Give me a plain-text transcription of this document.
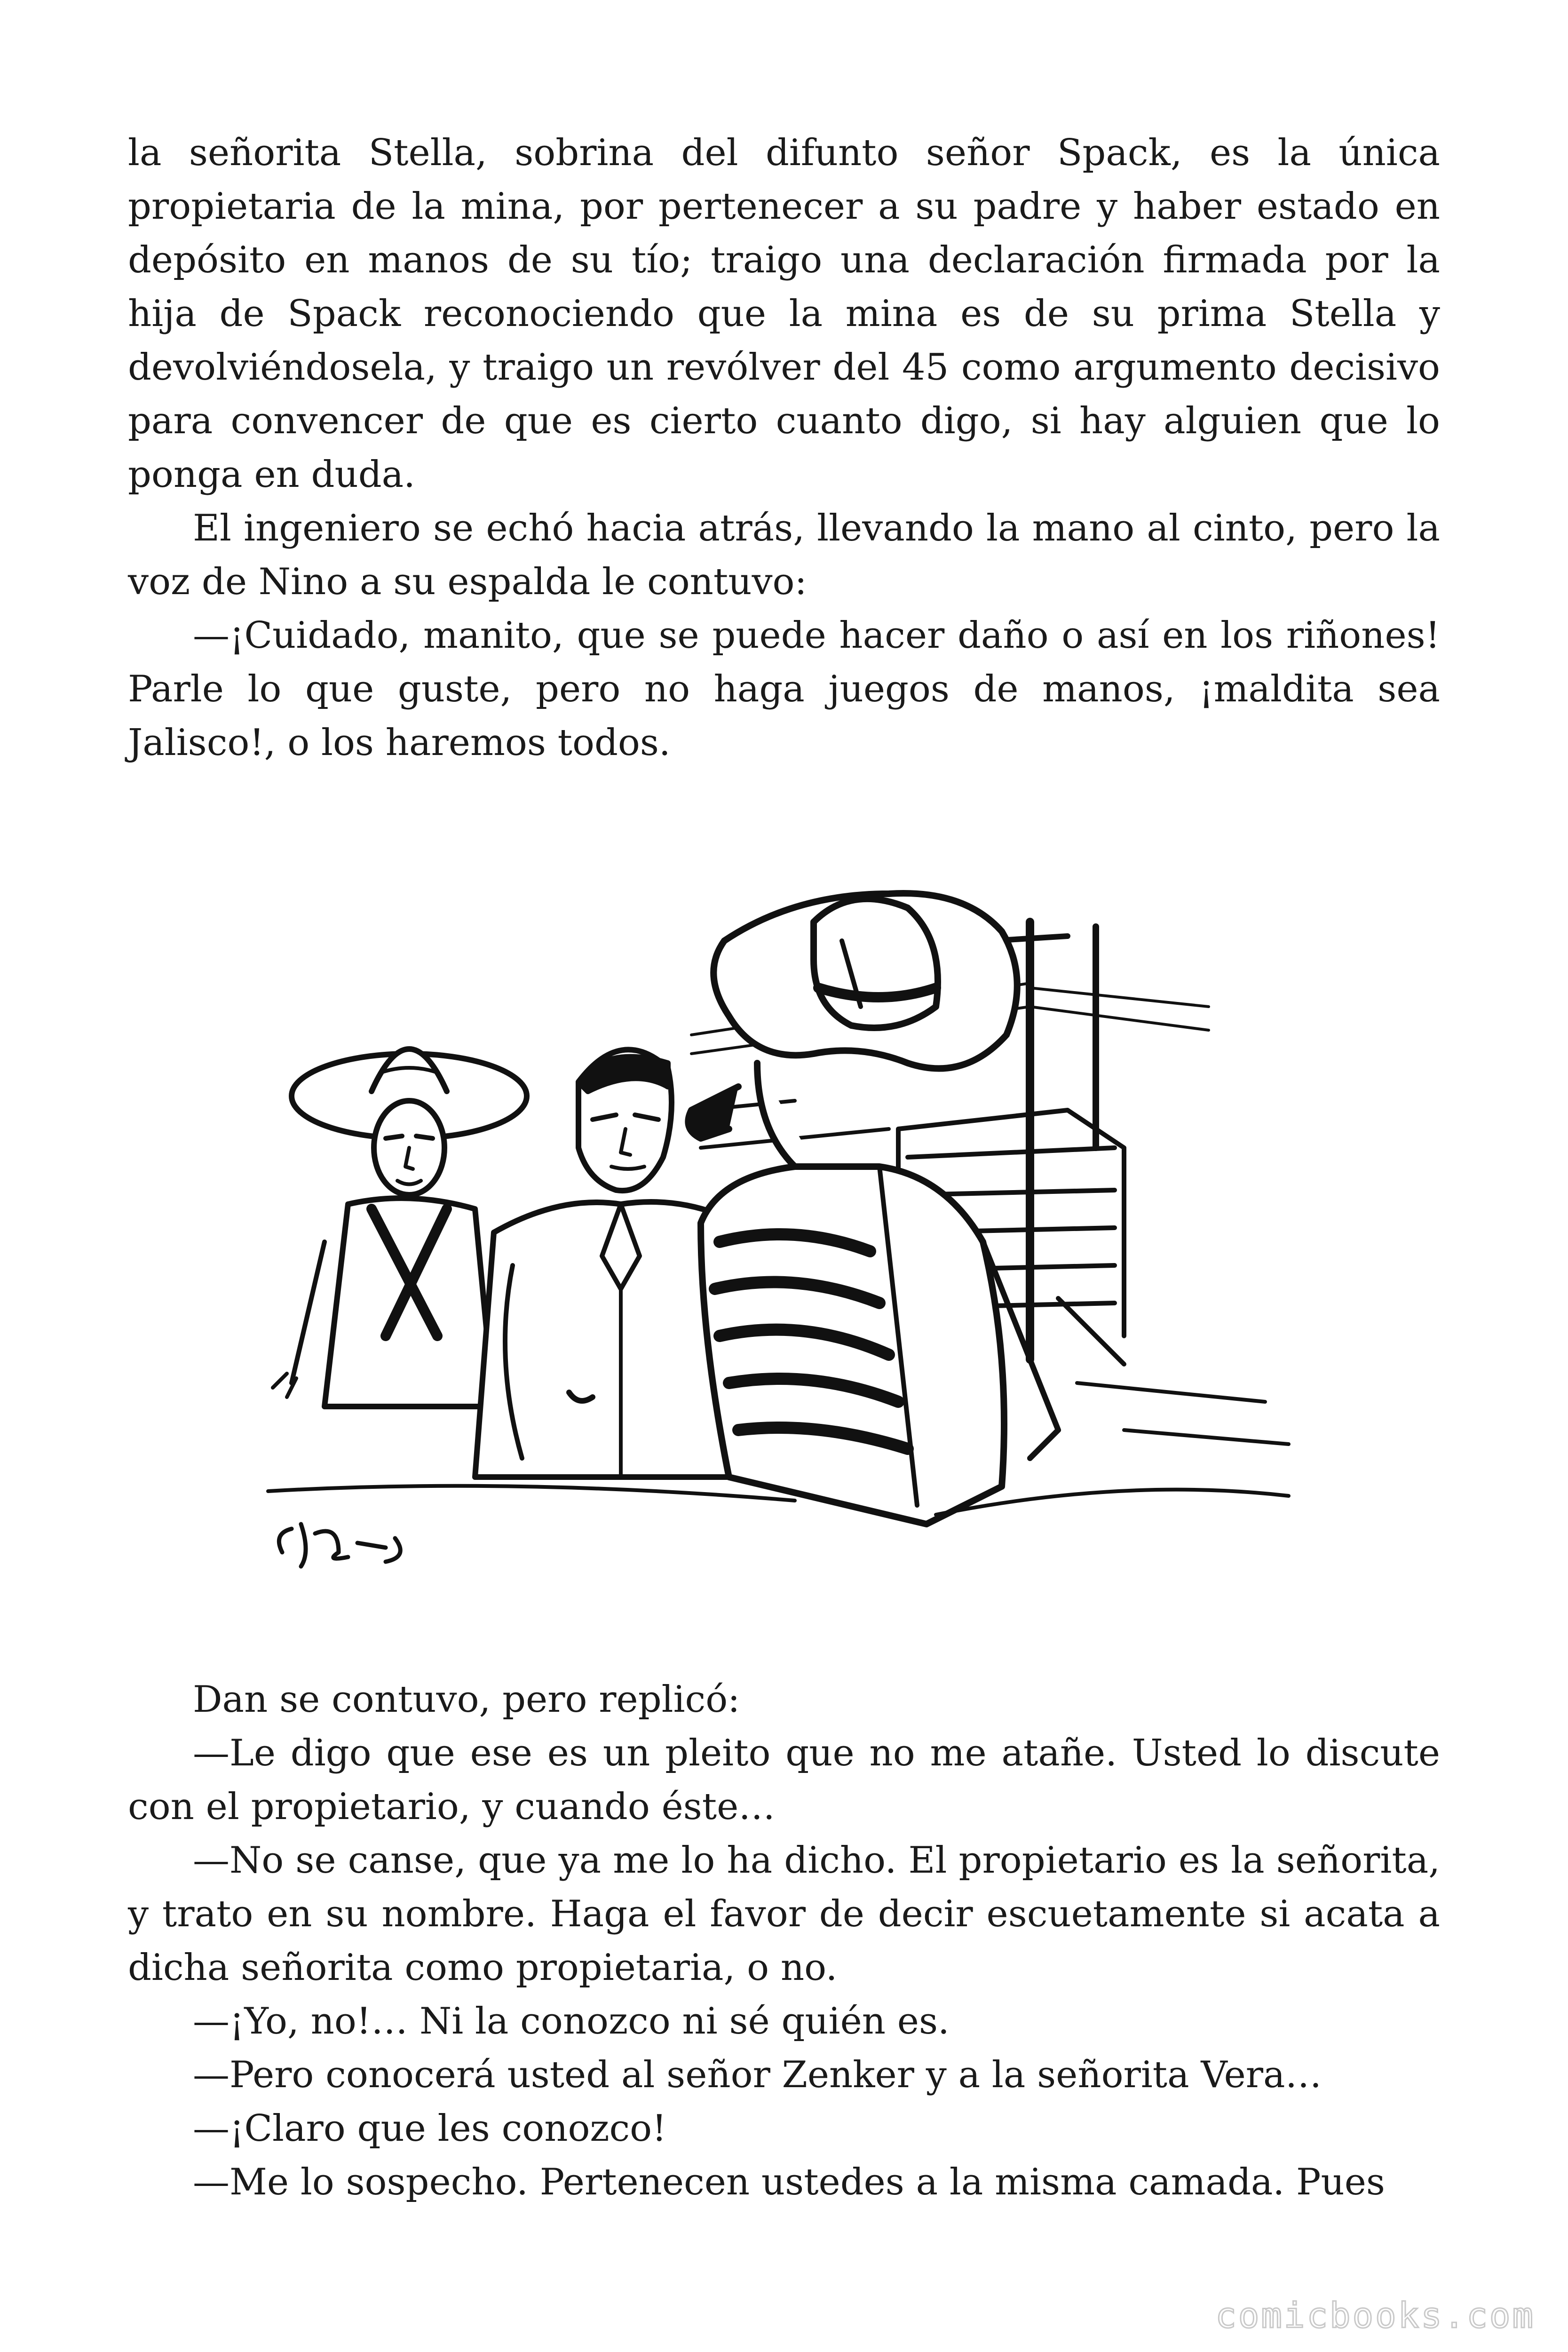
la señorita Stella, sobrina del difunto señor Spack, es la única propietaria de la mina, por pertenecer a su padre y haber estado en depósito en manos de su tío; traigo una declaración firmada por la hija de Spack reconociendo que la mina es de su prima Stella y devolviéndosela, y traigo un revólver del 45 como argumento decisivo para convencer de que es cierto cuanto digo, si hay alguien que lo ponga en duda.

El ingeniero se echó hacia atrás, llevando la mano al cinto, pero la voz de Nino a su espalda le contuvo:

—¡Cuidado, manito, que se puede hacer daño o así en los riñones! Parle lo que guste, pero no haga juegos de manos, ¡maldita sea Jalisco!, o los haremos todos.

Dan se contuvo, pero replicó:

—Le digo que ese es un pleito que no me atañe. Usted lo discute con el propietario, y cuando éste…

—No se canse, que ya me lo ha dicho. El propietario es la señorita, y trato en su nombre. Haga el favor de decir escuetamente si acata a dicha señorita como propietaria, o no.

—¡Yo, no!… Ni la conozco ni sé quién es.

—Pero conocerá usted al señor Zenker y a la señorita Vera…

—¡Claro que les conozco!

—Me lo sospecho. Pertenecen ustedes a la misma camada. Pues

comicbooks.com
